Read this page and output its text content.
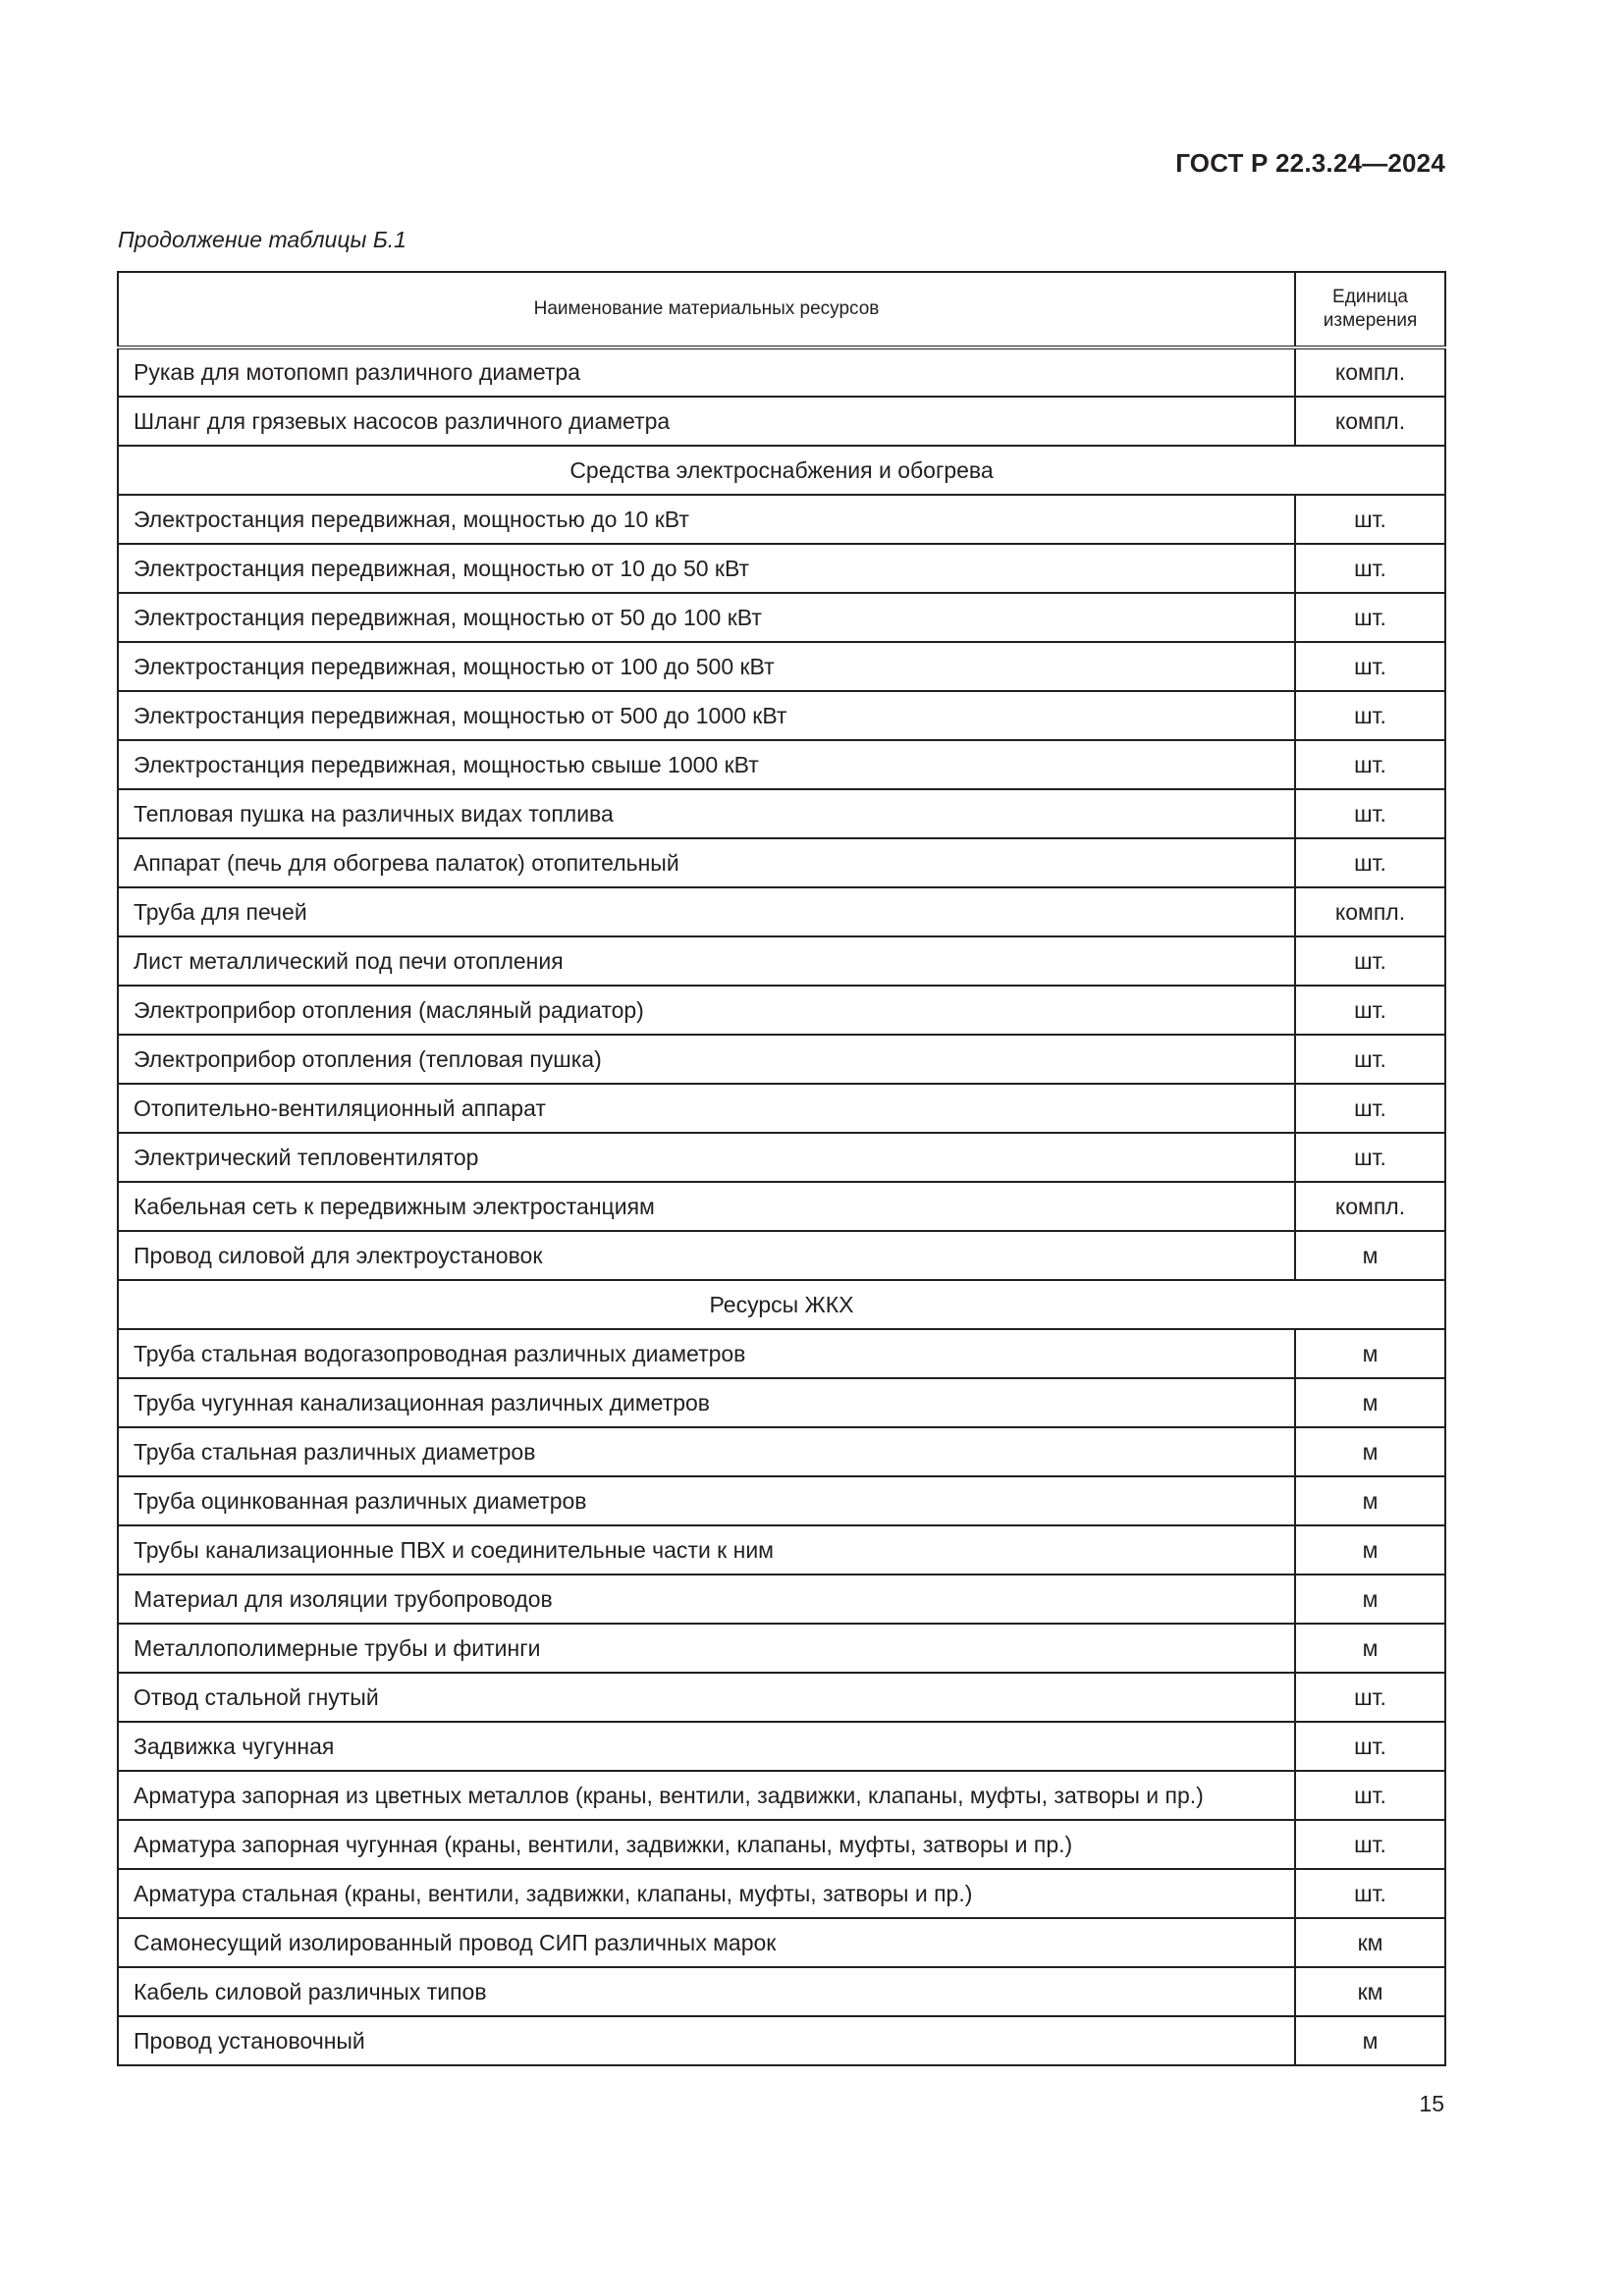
ГОСТ Р 22.3.24—2024
Продолжение таблицы Б.1
Наименование материальных ресурсов	Единица
измерения

Рукав для мотопомп различного диаметра	компл.
Шланг для грязевых насосов различного диаметра	компл.
Средства электроснабжения и обогрева	
Электростанция передвижная, мощностью до 10 кВт	шт.
Электростанция передвижная, мощностью от 10 до 50 кВт	шт.
Электростанция передвижная, мощностью от 50 до 100 кВт	шт.
Электростанция передвижная, мощностью от 100 до 500 кВт	шт.
Электростанция передвижная, мощностью от 500 до 1000 кВт	шт.
Электростанция передвижная, мощностью свыше 1000 кВт	шт.
Тепловая пушка на различных видах топлива	шт.
Аппарат (печь для обогрева палаток) отопительный	шт.
Труба для печей	компл.
Лист металлический под печи отопления	шт.
Электроприбор отопления (масляный радиатор)	шт.
Электроприбор отопления (тепловая пушка)	шт.
Отопительно-вентиляционный аппарат	шт.
Электрический тепловентилятор	шт.
Кабельная сеть к передвижным электростанциям	компл.
Провод силовой для электроустановок	м
Ресурсы ЖКХ	
Труба стальная водогазопроводная различных диаметров	м
Труба чугунная канализационная различных диметров	м
Труба стальная различных диаметров	м
Труба оцинкованная различных диаметров	м
Трубы канализационные ПВХ и соединительные части к ним	м
Материал для изоляции трубопроводов	м
Металлополимерные трубы и фитинги	м
Отвод стальной гнутый	шт.
Задвижка чугунная	шт.
Арматура запорная из цветных металлов (краны, вентили, задвижки, клапаны, муфты, затворы и пр.)	шт.
Арматура запорная чугунная (краны, вентили, задвижки, клапаны, муфты, затворы и пр.)	шт.
Арматура стальная (краны, вентили, задвижки, клапаны, муфты, затворы и пр.)	шт.
Самонесущий изолированный провод СИП различных марок	км
Кабель силовой различных типов	км
Провод установочный	м
15
